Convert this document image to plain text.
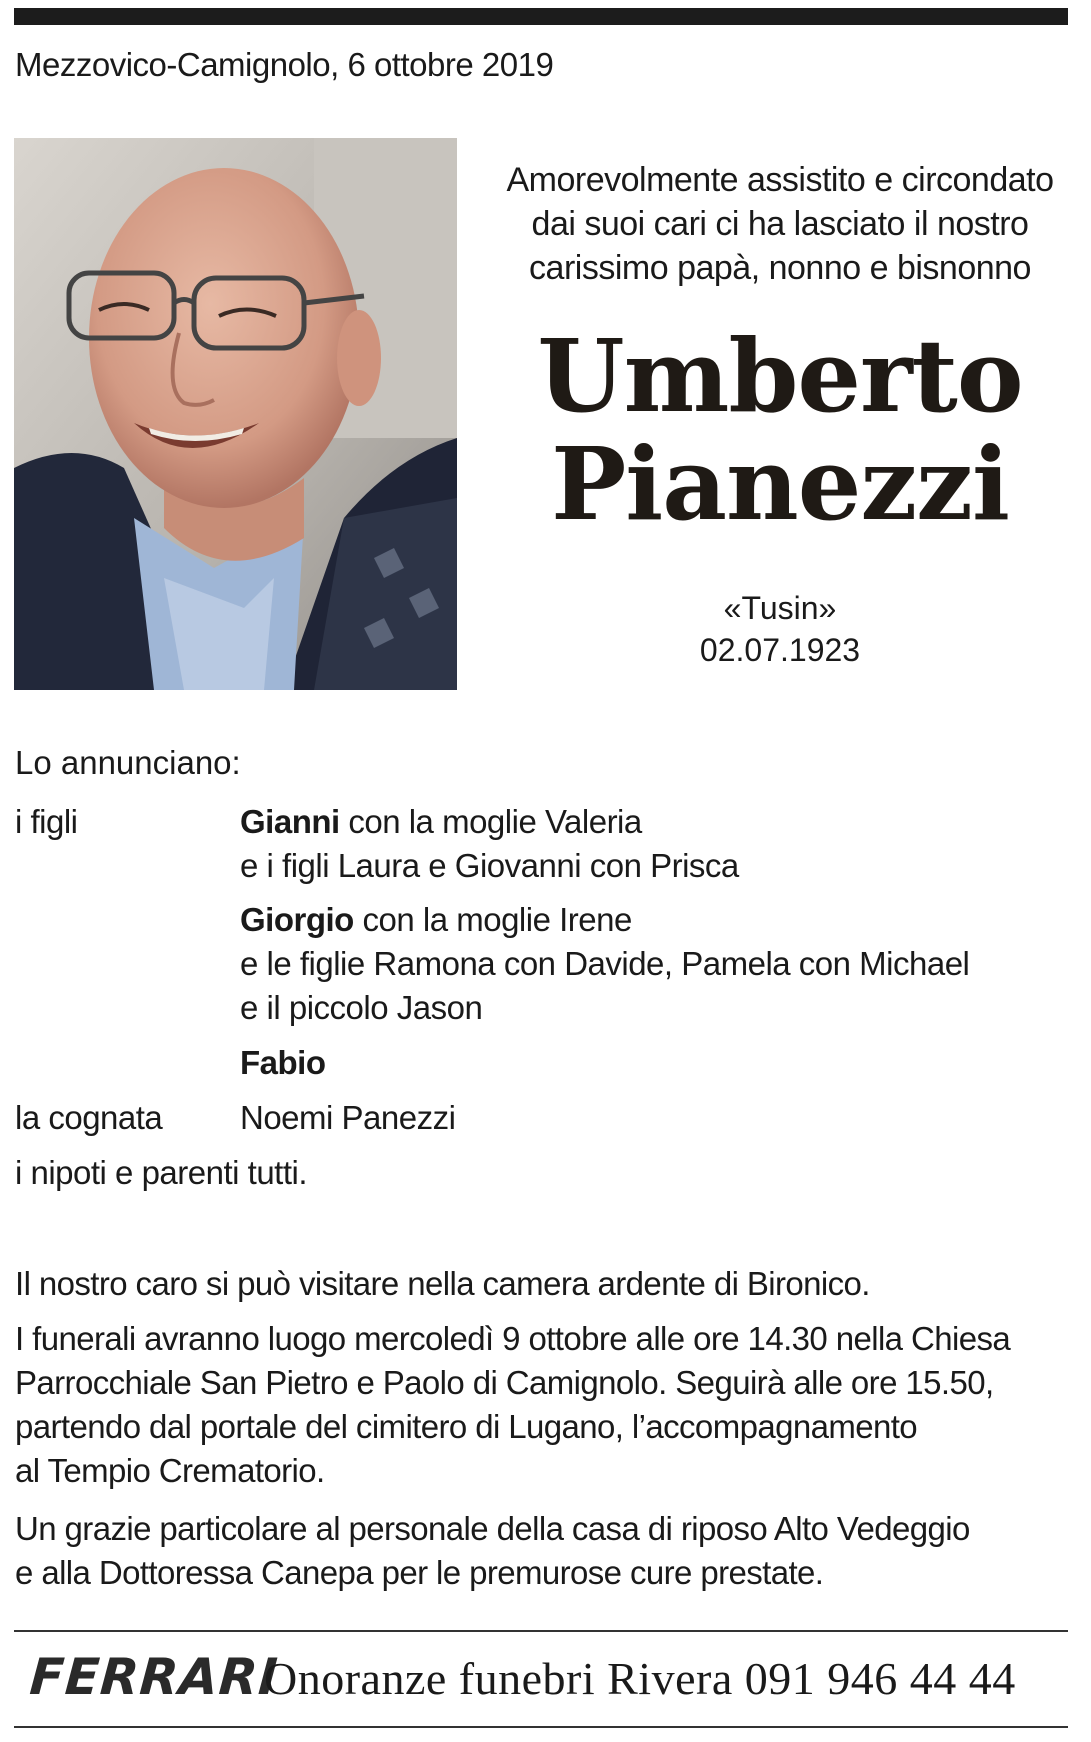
Mezzovico-Camignolo, 6 ottobre 2019
Amorevolmente assistito e circondato
dai suoi cari ci ha lasciato il nostro
carissimo papà, nonno e bisnonno
Umberto
Pianezzi
«Tusin»
02.07.1923
Lo annunciano:
i figli	Gianni con la moglie Valeria
e i figli Laura e Giovanni con Prisca
Giorgio con la moglie Irene
e le figlie Ramona con Davide, Pamela con Michael
e il piccolo Jason
Fabio
la cognata Noemi Panezzi
i nipoti e parenti tutti.
Il nostro caro si può visitare nella camera ardente di Bironico.
I funerali avranno luogo mercoledì 9 ottobre alle ore 14.30 nella Chiesa
Parrocchiale San Pietro e Paolo di Camignolo. Seguirà alle ore 15.50,
partendo dal portale del cimitero di Lugano, l’accompagnamento
al Tempio Crematorio.
Un grazie particolare al personale della casa di riposo Alto Vedeggio
e alla Dottoressa Canepa per le premurose cure prestate.
FERRARI
Onoranze funebri Rivera 091 946 44 44
